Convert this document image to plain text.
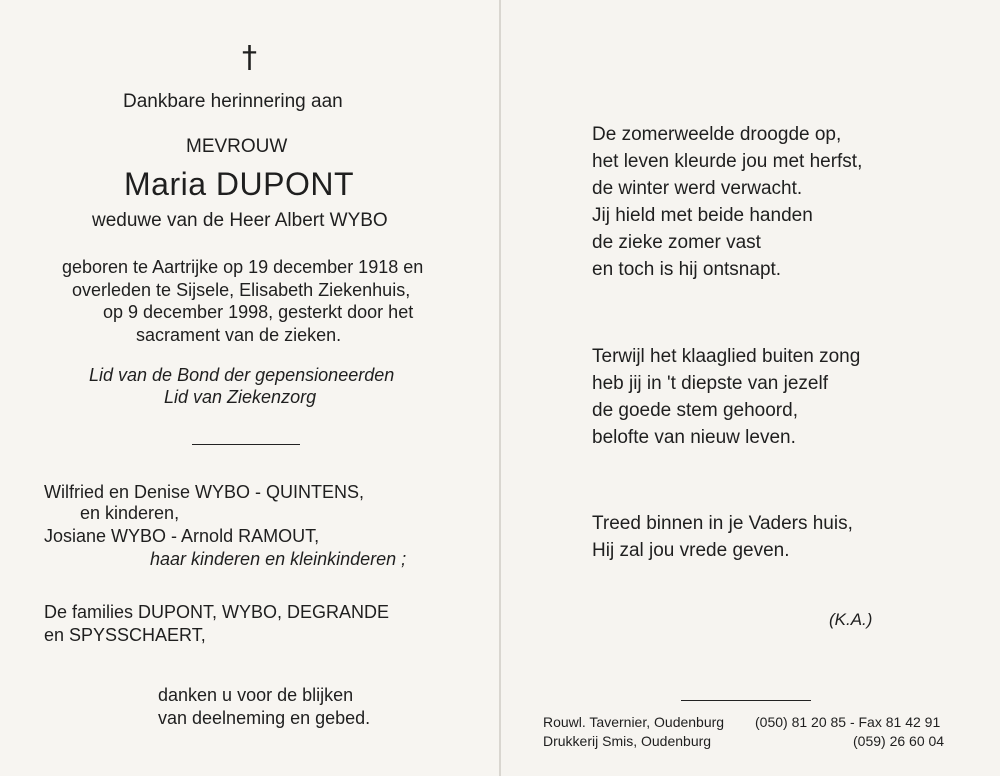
†

Dankbare herinnering aan

MEVROUW

Maria DUPONT

weduwe van de Heer Albert WYBO

geboren te Aartrijke op 19 december 1918 en

overleden te Sijsele, Elisabeth Ziekenhuis,

op 9 december 1998, gesterkt door het

sacrament van de zieken.

Lid van de Bond der gepensioneerden

Lid van Ziekenzorg

Wilfried en Denise WYBO - QUINTENS,

en kinderen,

Josiane WYBO - Arnold RAMOUT,

haar kinderen en kleinkinderen ;

De families DUPONT, WYBO, DEGRANDE

en SPYSSCHAERT,

danken u voor de blijken

van deelneming en gebed.

De zomerweelde droogde op,
het leven kleurde jou met herfst,
de winter werd verwacht.
Jij hield met beide handen
de zieke zomer vast
en toch is hij ontsnapt.
Terwijl het klaaglied buiten zong
heb jij in 't diepste van jezelf
de goede stem gehoord,
belofte van nieuw leven.
Treed binnen in je Vaders huis,
Hij zal jou vrede geven.

(K.A.)

Rouwl. Tavernier, Oudenburg (050) 81 20 85 - Fax 81 42 91

Drukkerij Smis, Oudenburg	(059) 26 60 04
